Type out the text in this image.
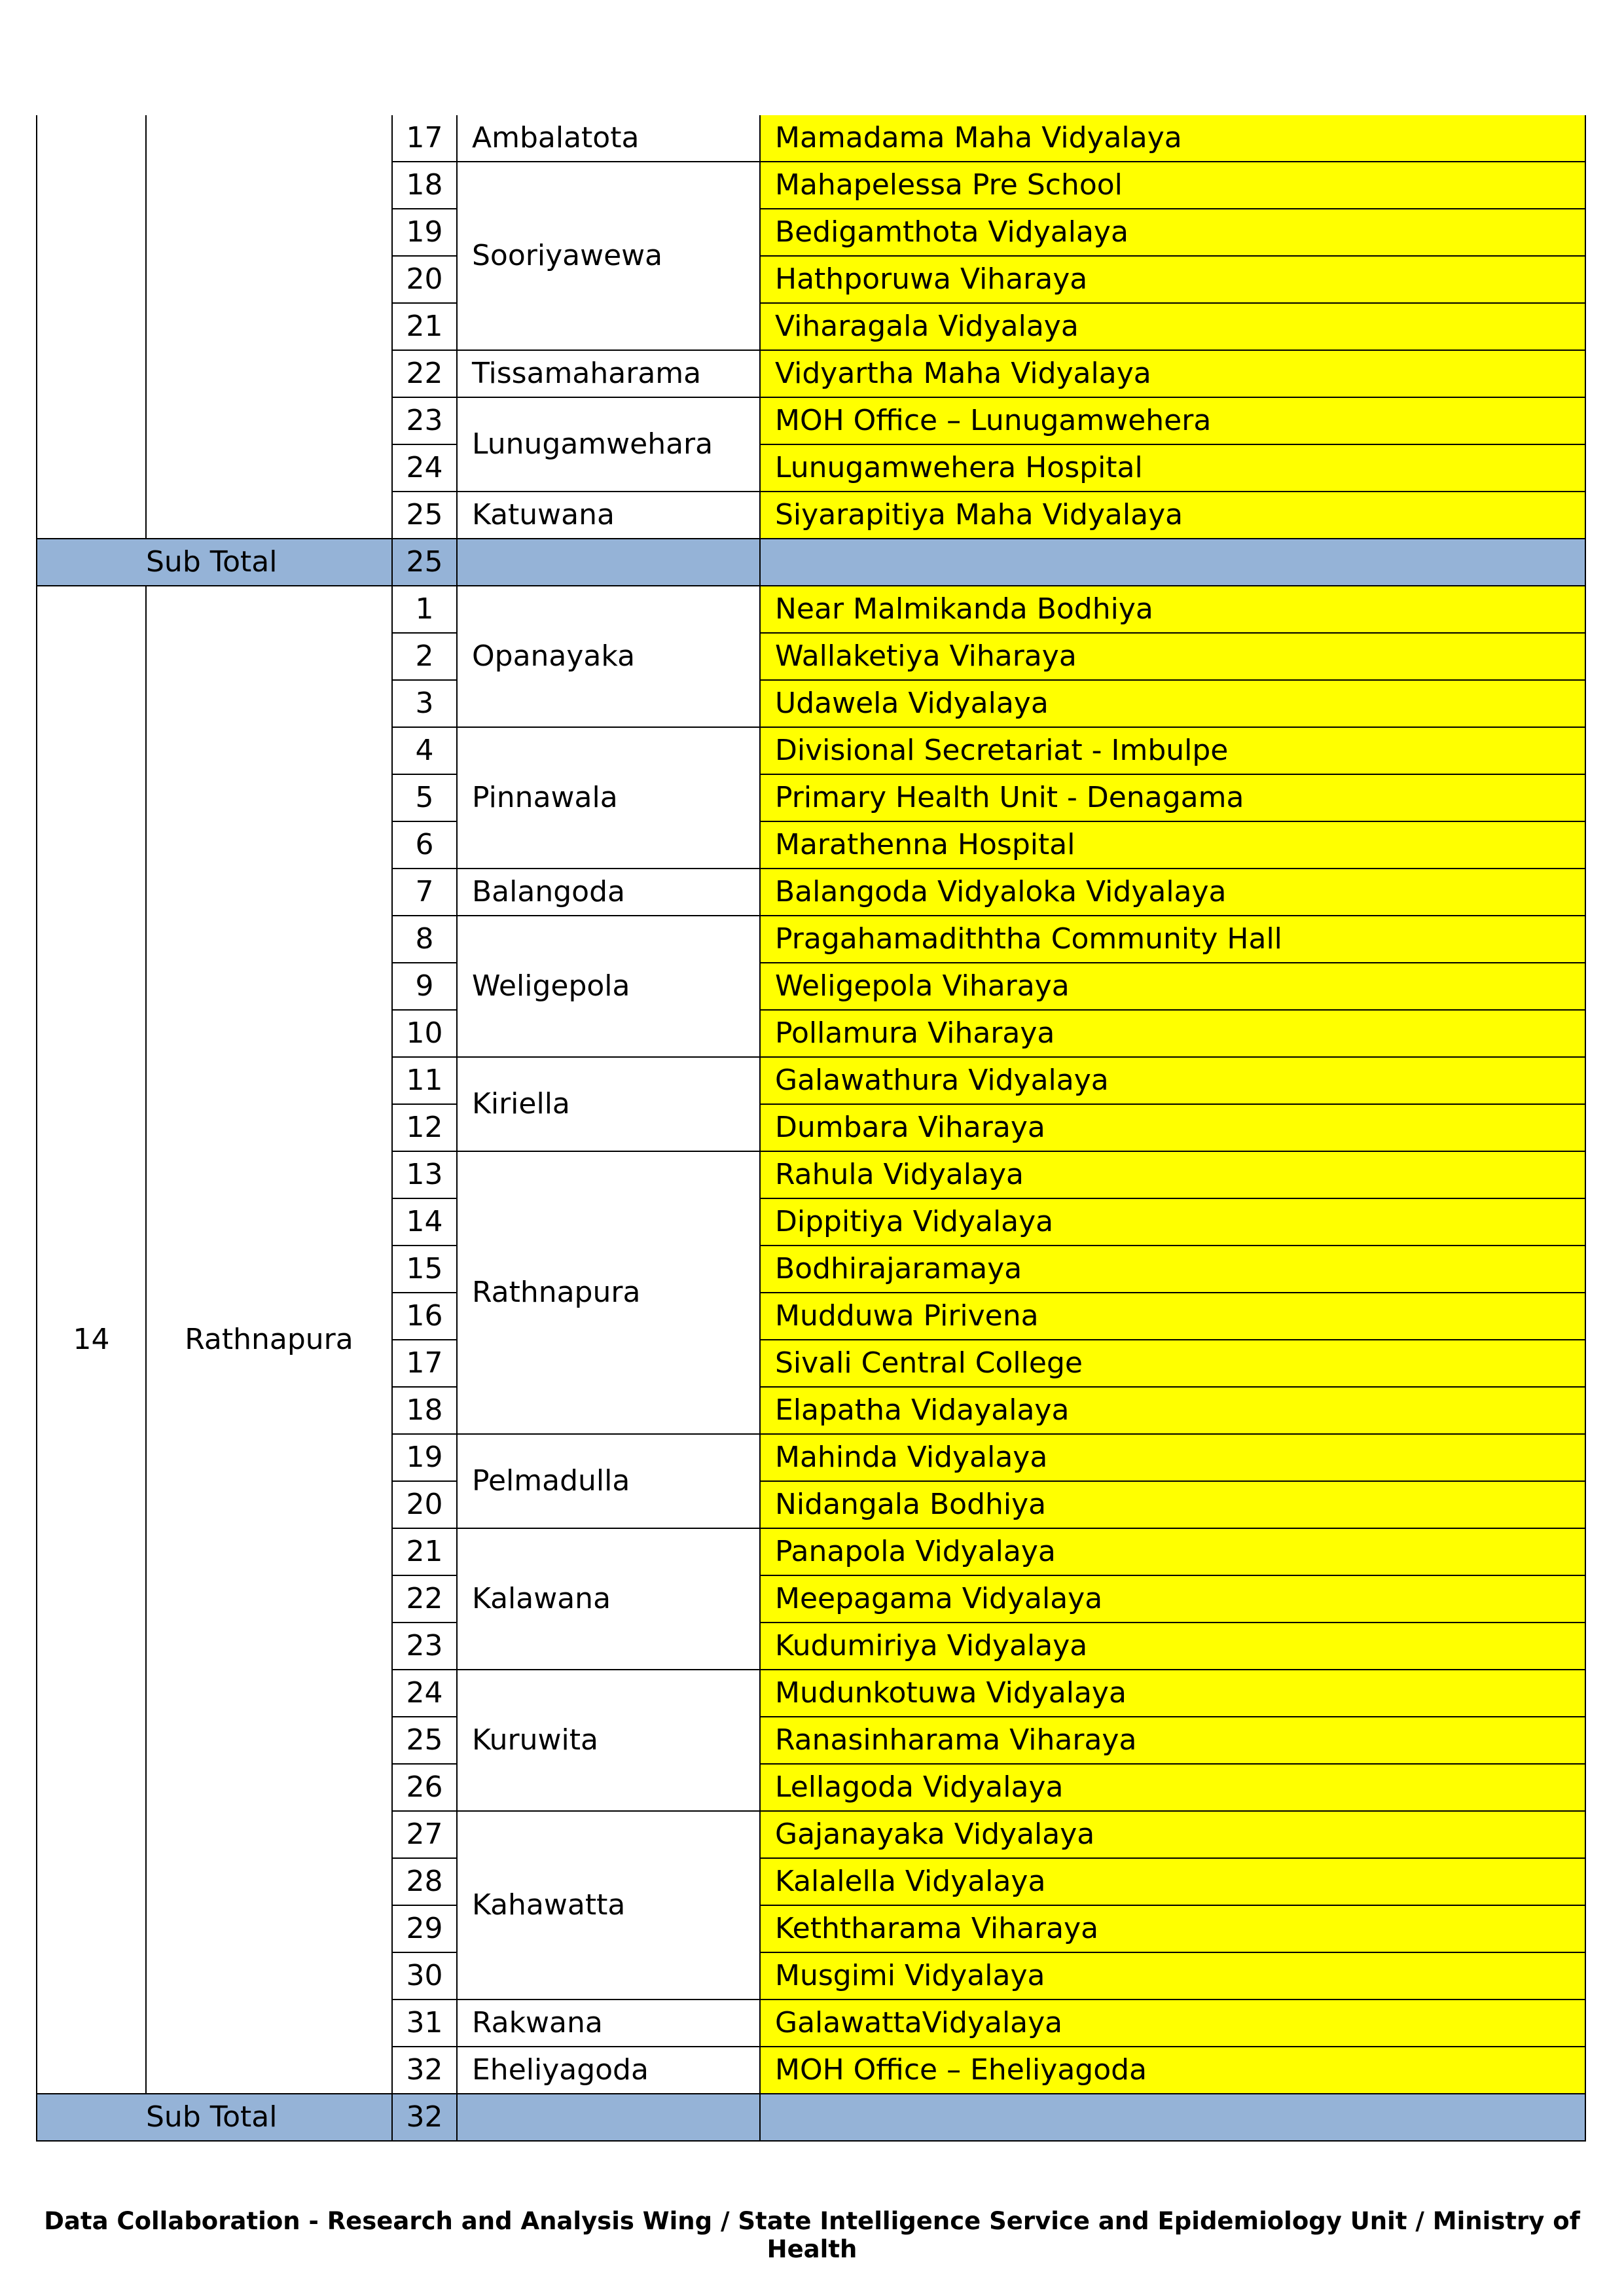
		17	Ambalatota	Mamadama Maha Vidyalaya
		18	Sooriyawewa	Mahapelessa Pre School
		19		Bedigamthota Vidyalaya
		20		Hathporuwa Viharaya
		21		Viharagala Vidyalaya
		22	Tissamaharama	Vidyartha Maha Vidyalaya
		23	Lunugamwehara	MOH Office – Lunugamwehera
		24		Lunugamwehera Hospital
		25	Katuwana	Siyarapitiya Maha Vidyalaya
	Sub Total	25		
14	Rathnapura	1	Opanayaka	Near Malmikanda Bodhiya
		2		Wallaketiya Viharaya
		3		Udawela Vidyalaya
		4	Pinnawala	Divisional Secretariat - Imbulpe
		5		Primary Health Unit - Denagama
		6		Marathenna Hospital
		7	Balangoda	Balangoda Vidyaloka Vidyalaya
		8	Weligepola	Pragahamadiththa Community Hall
		9		Weligepola Viharaya
		10		Pollamura Viharaya
		11	Kiriella	Galawathura Vidyalaya
		12		Dumbara Viharaya
		13	Rathnapura	Rahula Vidyalaya
		14		Dippitiya Vidyalaya
		15		Bodhirajaramaya
		16		Mudduwa Pirivena
		17		Sivali Central College
		18		Elapatha Vidayalaya
		19	Pelmadulla	Mahinda Vidyalaya
		20		Nidangala Bodhiya
		21	Kalawana	Panapola Vidyalaya
		22		Meepagama Vidyalaya
		23		Kudumiriya Vidyalaya
		24	Kuruwita	Mudunkotuwa Vidyalaya
		25		Ranasinharama Viharaya
		26		Lellagoda Vidyalaya
		27	Kahawatta	Gajanayaka Vidyalaya
		28		Kalalella Vidyalaya
		29		Keththarama Viharaya
		30		Musgimi Vidyalaya
		31	Rakwana	GalawattaVidyalaya
		32	Eheliyagoda	MOH Office – Eheliyagoda
	Sub Total	32		
Data Collaboration - Research and Analysis Wing / State Intelligence Service and Epidemiology Unit / Ministry of Health
